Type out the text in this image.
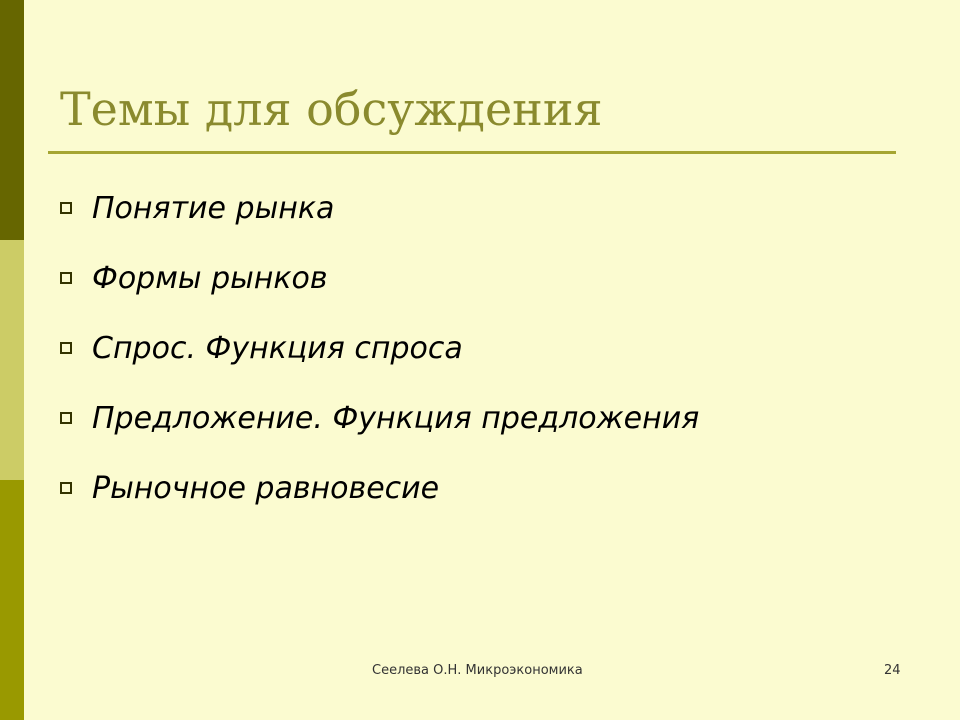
Темы для обсуждения
Понятие рынка
Формы рынков
Спрос. Функция спроса
Предложение. Функция предложения
Рыночное равновесие
Сеелева О.Н. Микроэкономика	24
